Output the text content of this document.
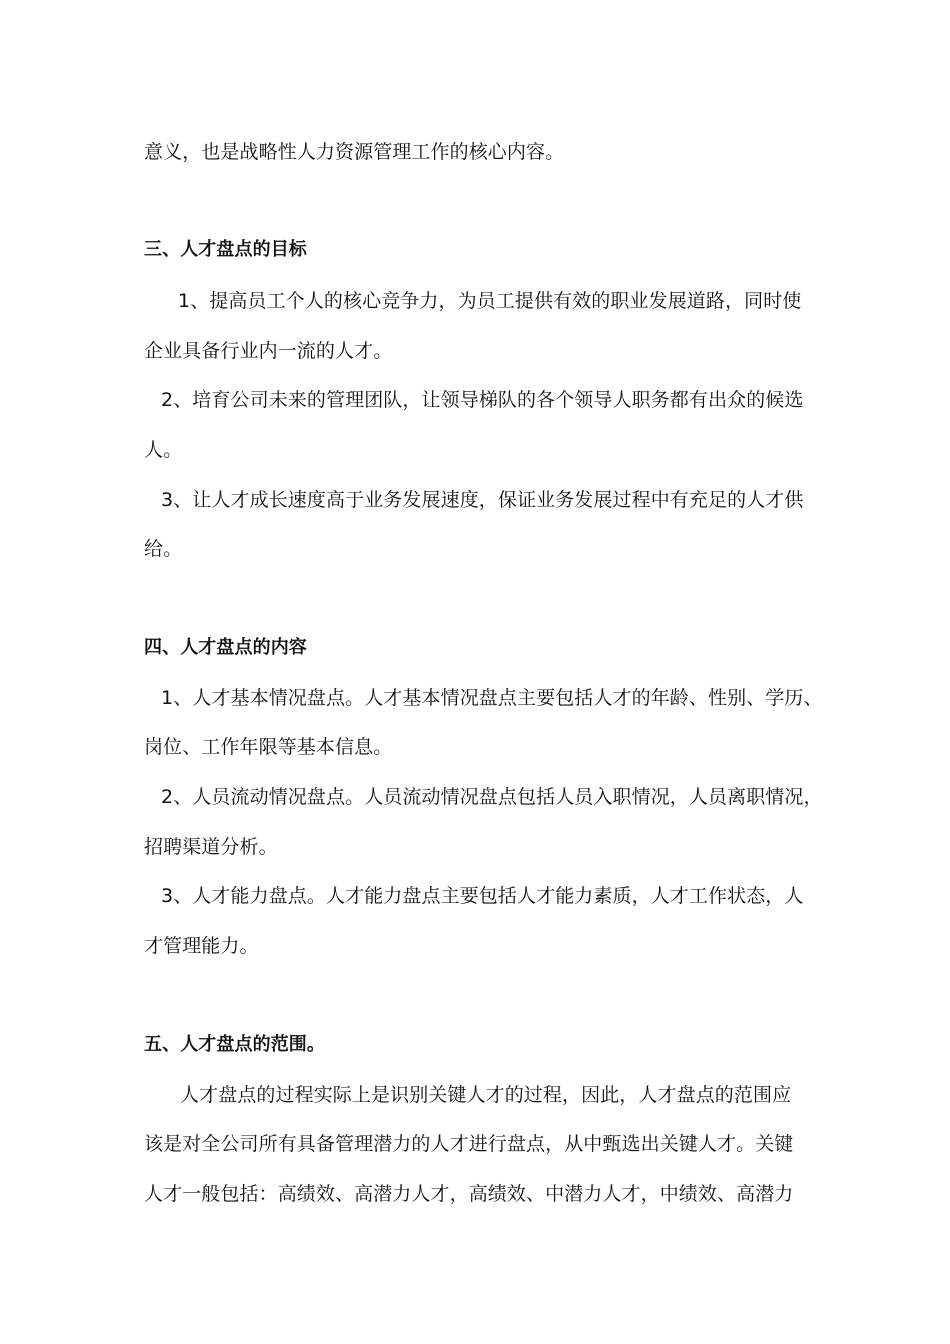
意义，也是战略性人力资源管理工作的核心内容。
三、人才盘点的目标
1、提高员工个人的核心竞争力，为员工提供有效的职业发展道路，同时使
企业具备行业内一流的人才。
2、培育公司未来的管理团队，让领导梯队的各个领导人职务都有出众的候选
人。
3、让人才成长速度高于业务发展速度，保证业务发展过程中有充足的人才供
给。
四、人才盘点的内容
1、人才基本情况盘点。人才基本情况盘点主要包括人才的年龄、性别、学历、
岗位、工作年限等基本信息。
2、人员流动情况盘点。人员流动情况盘点包括人员入职情况，人员离职情况，
招聘渠道分析。
3、人才能力盘点。人才能力盘点主要包括人才能力素质，人才工作状态，人
才管理能力。
五、人才盘点的范围。
人才盘点的过程实际上是识别关键人才的过程，因此，人才盘点的范围应
该是对全公司所有具备管理潜力的人才进行盘点，从中甄选出关键人才。关键
人才一般包括：高绩效、高潜力人才，高绩效、中潜力人才，中绩效、高潜力
